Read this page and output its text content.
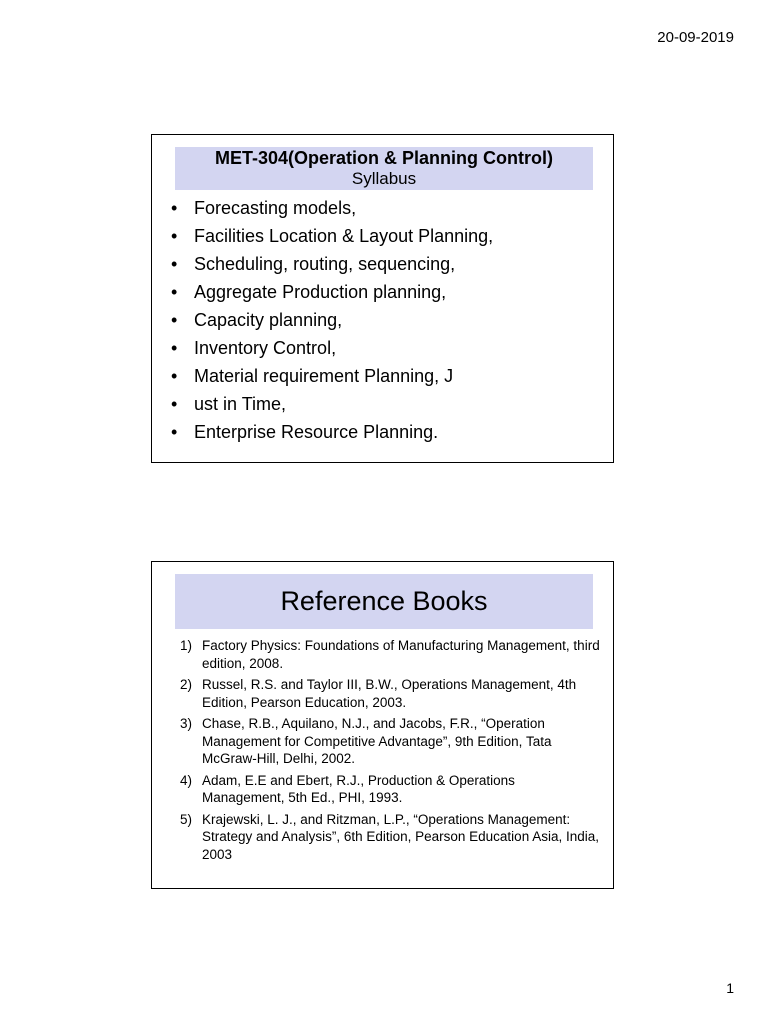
20-09-2019
MET-304(Operation & Planning Control)
Syllabus
• Forecasting models,
• Facilities Location & Layout Planning,
• Scheduling, routing, sequencing,
• Aggregate Production planning,
• Capacity planning,
• Inventory Control,
• Material requirement Planning, J
• ust in Time,
• Enterprise Resource Planning.
Reference Books
1) Factory Physics: Foundations of Manufacturing Management, third edition, 2008.
2) Russel, R.S. and Taylor III, B.W., Operations Management, 4th Edition, Pearson Education, 2003.
3) Chase, R.B., Aquilano, N.J., and Jacobs, F.R., “Operation Management for Competitive Advantage”, 9th Edition, Tata McGraw-Hill, Delhi, 2002.
4) Adam, E.E and Ebert, R.J., Production & Operations Management, 5th Ed., PHI, 1993.
5) Krajewski, L. J., and Ritzman, L.P., “Operations Management: Strategy and Analysis”, 6th Edition, Pearson Education Asia, India, 2003
1
